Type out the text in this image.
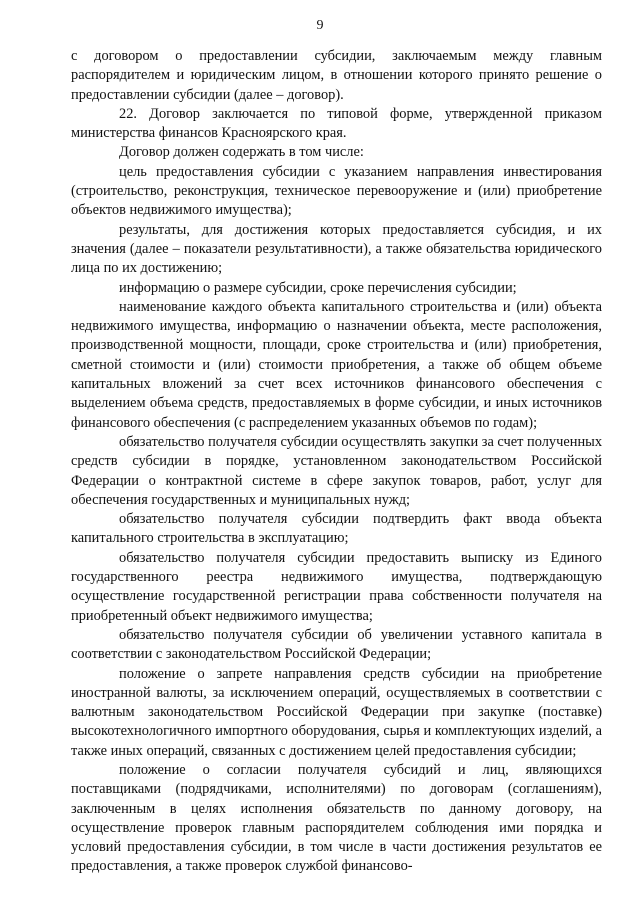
9

с договором о предоставлении субсидии, заключаемым между главным распорядителем и юридическим лицом, в отношении которого принято решение о предоставлении субсидии (далее – договор).

22. Договор заключается по типовой форме, утвержденной приказом министерства финансов Красноярского края.

Договор должен содержать в том числе:

цель предоставления субсидии с указанием направления инвестирования (строительство, реконструкция, техническое перевооружение и (или) приобретение объектов недвижимого имущества);

результаты, для достижения которых предоставляется субсидия, и их значения (далее – показатели результативности), а также обязательства юридического лица по их достижению;

информацию о размере субсидии, сроке перечисления субсидии;

наименование каждого объекта капитального строительства и (или) объекта недвижимого имущества, информацию о назначении объекта, месте расположения, производственной мощности, площади, сроке строительства и (или) приобретения, сметной стоимости и (или) стоимости приобретения, а также об общем объеме капитальных вложений за счет всех источников финансового обеспечения с выделением объема средств, предоставляемых в форме субсидии, и иных источников финансового обеспечения (с распределением указанных объемов по годам);

обязательство получателя субсидии осуществлять закупки за счет полученных средств субсидии в порядке, установленном законодательством Российской Федерации о контрактной системе в сфере закупок товаров, работ, услуг для обеспечения государственных и муниципальных нужд;

обязательство получателя субсидии подтвердить факт ввода объекта капитального строительства в эксплуатацию;

обязательство получателя субсидии предоставить выписку из Единого государственного реестра недвижимого имущества, подтверждающую осуществление государственной регистрации права собственности получателя на приобретенный объект недвижимого имущества;

обязательство получателя субсидии об увеличении уставного капитала в соответствии с законодательством Российской Федерации;

положение о запрете направления средств субсидии на приобретение иностранной валюты, за исключением операций, осуществляемых в соответствии с валютным законодательством Российской Федерации при закупке (поставке) высокотехнологичного импортного оборудования, сырья и комплектующих изделий, а также иных операций, связанных с достижением целей предоставления субсидии;

положение о согласии получателя субсидий и лиц, являющихся поставщиками (подрядчиками, исполнителями) по договорам (соглашениям), заключенным в целях исполнения обязательств по данному договору, на осуществление проверок главным распорядителем соблюдения ими порядка и условий предоставления субсидии, в том числе в части достижения результатов ее предоставления, а также проверок службой финансово-
